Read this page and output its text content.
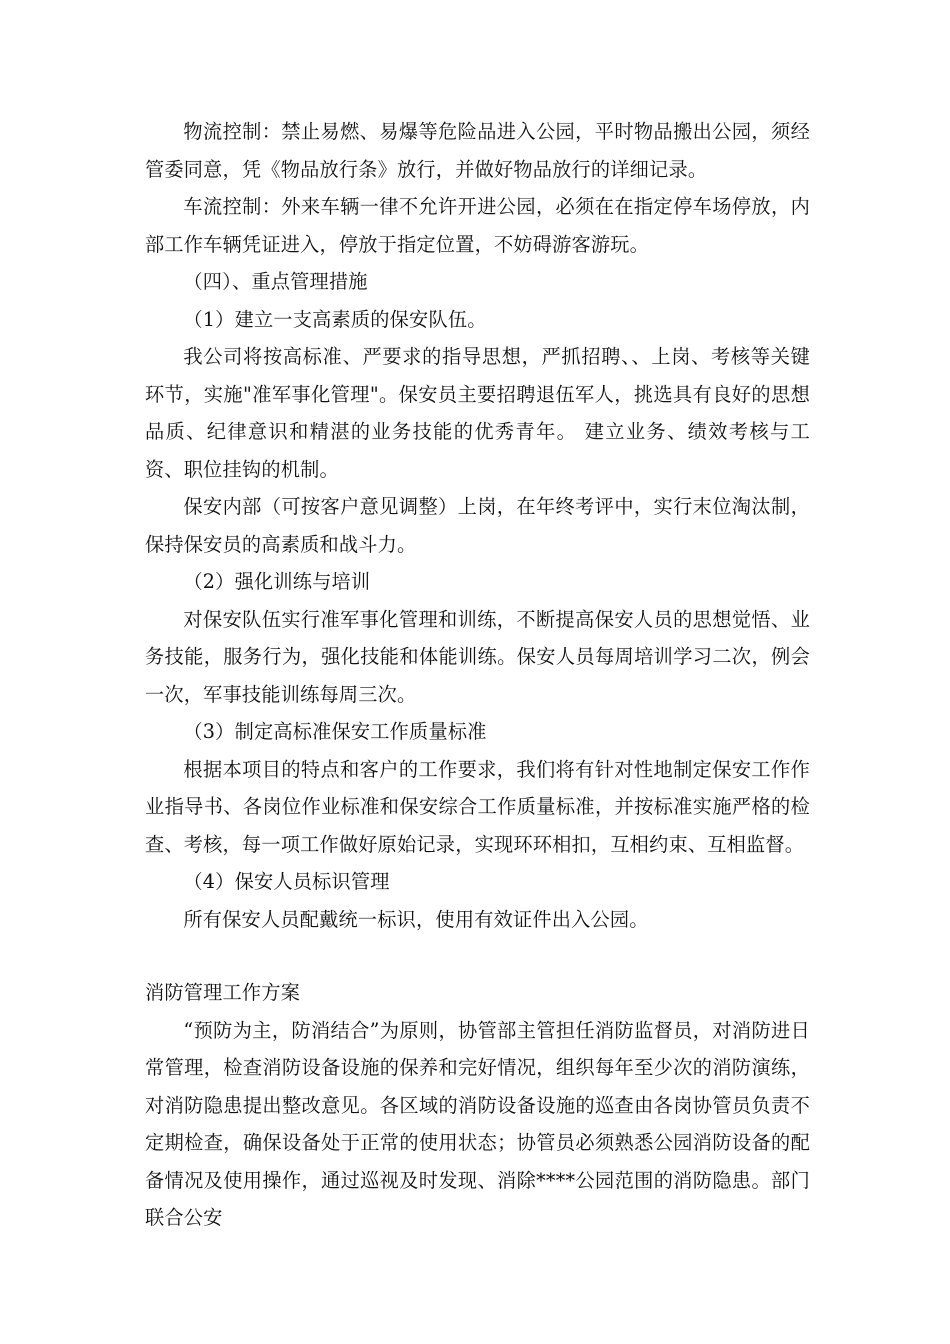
物流控制：禁止易燃、易爆等危险品进入公园，平时物品搬出公园，须经管委同意，凭《物品放行条》放行，并做好物品放行的详细记录。

车流控制：外来车辆一律不允许开进公园，必须在在指定停车场停放，内部工作车辆凭证进入，停放于指定位置，不妨碍游客游玩。

（四）、重点管理措施

（1）建立一支高素质的保安队伍。

我公司将按高标准、严要求的指导思想，严抓招聘、、上岗、考核等关键环节，实施"准军事化管理"。保安员主要招聘退伍军人，挑选具有良好的思想品质、纪律意识和精湛的业务技能的优秀青年。 建立业务、绩效考核与工资、职位挂钩的机制。

保安内部（可按客户意见调整）上岗，在年终考评中，实行末位淘汰制，保持保安员的高素质和战斗力。

（2）强化训练与培训

对保安队伍实行准军事化管理和训练，不断提高保安人员的思想觉悟、业务技能，服务行为，强化技能和体能训练。保安人员每周培训学习二次，例会一次，军事技能训练每周三次。

（3）制定高标准保安工作质量标准

根据本项目的特点和客户的工作要求，我们将有针对性地制定保安工作作业指导书、各岗位作业标准和保安综合工作质量标准，并按标准实施严格的检查、考核，每一项工作做好原始记录，实现环环相扣，互相约束、互相监督。

（4）保安人员标识管理

所有保安人员配戴统一标识，使用有效证件出入公园。

消防管理工作方案

“预防为主，防消结合”为原则，协管部主管担任消防监督员，对消防进日常管理，检查消防设备设施的保养和完好情况，组织每年至少次的消防演练，对消防隐患提出整改意见。各区域的消防设备设施的巡查由各岗协管员负责不定期检查，确保设备处于正常的使用状态；协管员必须熟悉公园消防设备的配备情况及使用操作，通过巡视及时发现、消除****公园范围的消防隐患。部门联合公安
